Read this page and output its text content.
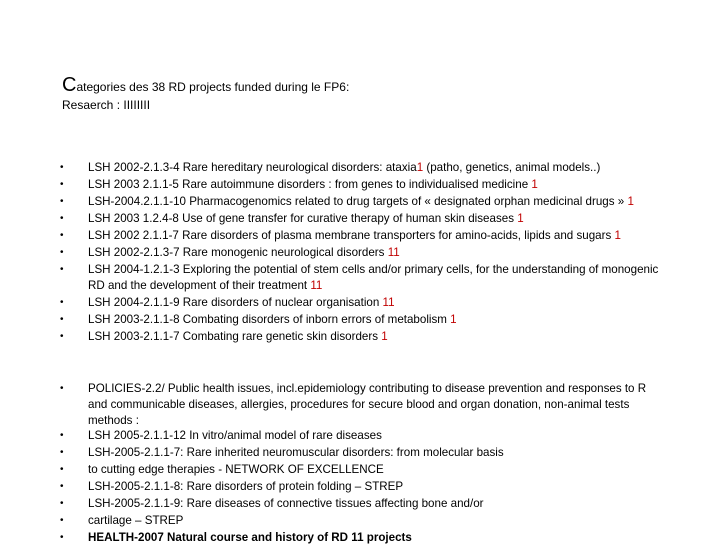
Categories des 38 RD projects funded during le FP6:
Resaerch : IIIIIIII
•	LSH 2002-2.1.3-4 Rare hereditary neurological disorders: ataxia1 (patho, genetics, animal models..)
•	LSH 2003 2.1.1-5 Rare autoimmune disorders : from genes to individualised medicine 1
•	LSH-2004.2.1.1-10 Pharmacogenomics related to drug targets of « designated orphan medicinal drugs » 1
•	LSH 2003 1.2.4-8 Use of gene transfer for curative therapy of human skin diseases 1
•	LSH 2002 2.1.1-7 Rare disorders of plasma membrane transporters for amino-acids, lipids and sugars 1
•	LSH 2002-2.1.3-7 Rare monogenic neurological disorders 11
•	LSH 2004-1.2.1-3 Exploring the potential of stem cells and/or primary cells, for the understanding of monogenic RD and the development of their treatment 11
•	LSH 2004-2.1.1-9 Rare disorders of nuclear organisation 11
•	LSH 2003-2.1.1-8 Combating disorders of inborn errors of metabolism 1
•	LSH 2003-2.1.1-7 Combating rare genetic skin disorders 1
•	POLICIES-2.2/ Public health issues, incl.epidemiology contributing to disease prevention and responses to R and communicable diseases, allergies, procedures for secure blood and organ donation, non-animal tests methods :
•	LSH 2005-2.1.1-12 In vitro/animal model of rare diseases
•	LSH-2005-2.1.1-7: Rare inherited neuromuscular disorders: from molecular basis
•	to cutting edge therapies - NETWORK OF EXCELLENCE
•	LSH-2005-2.1.1-8: Rare disorders of protein folding – STREP
•	LSH-2005-2.1.1-9: Rare diseases of connective tissues affecting bone and/or
•	cartilage – STREP
•	HEALTH-2007 Natural course and history of RD 11 projects
